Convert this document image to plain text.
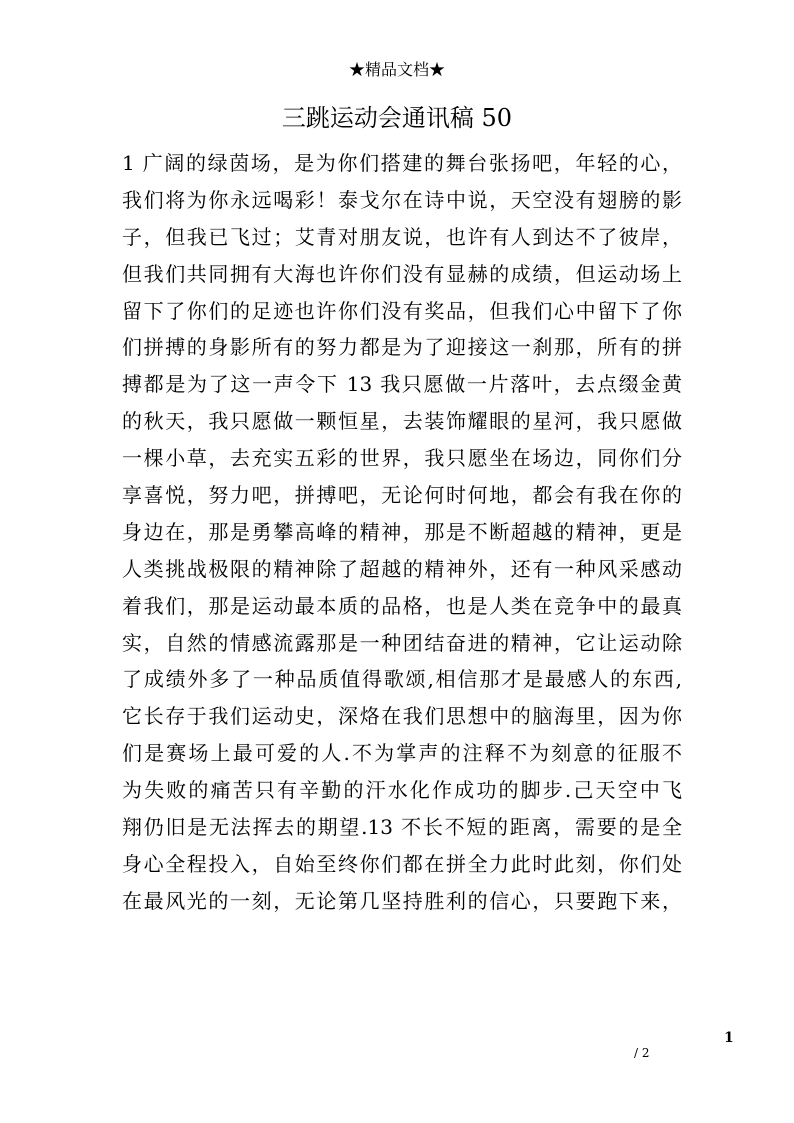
★精品文档★
三跳运动会通讯稿 50
1 广阔的绿茵场，是为你们搭建的舞台张扬吧，年轻的心，
我们将为你永远喝彩！泰戈尔在诗中说，天空没有翅膀的影
子，但我已飞过；艾青对朋友说，也许有人到达不了彼岸，
但我们共同拥有大海也许你们没有显赫的成绩，但运动场上
留下了你们的足迹也许你们没有奖品，但我们心中留下了你
们拼搏的身影所有的努力都是为了迎接这一刹那，所有的拼
搏都是为了这一声令下 13 我只愿做一片落叶，去点缀金黄
的秋天，我只愿做一颗恒星，去装饰耀眼的星河，我只愿做
一棵小草，去充实五彩的世界，我只愿坐在场边，同你们分
享喜悦，努力吧，拼搏吧，无论何时何地，都会有我在你的
身边在，那是勇攀高峰的精神，那是不断超越的精神，更是
人类挑战极限的精神除了超越的精神外，还有一种风采感动
着我们，那是运动最本质的品格，也是人类在竞争中的最真
实，自然的情感流露那是一种团结奋进的精神，它让运动除
了成绩外多了一种品质值得歌颂,相信那才是最感人的东西,
它长存于我们运动史，深烙在我们思想中的脑海里，因为你
们是赛场上最可爱的人.不为掌声的注释不为刻意的征服不
为失败的痛苦只有辛勤的汗水化作成功的脚步.己天空中飞
翔仍旧是无法挥去的期望.13 不长不短的距离，需要的是全
身心全程投入，自始至终你们都在拼全力此时此刻，你们处
在最风光的一刻，无论第几坚持胜利的信心，只要跑下来，
1
/ 2
